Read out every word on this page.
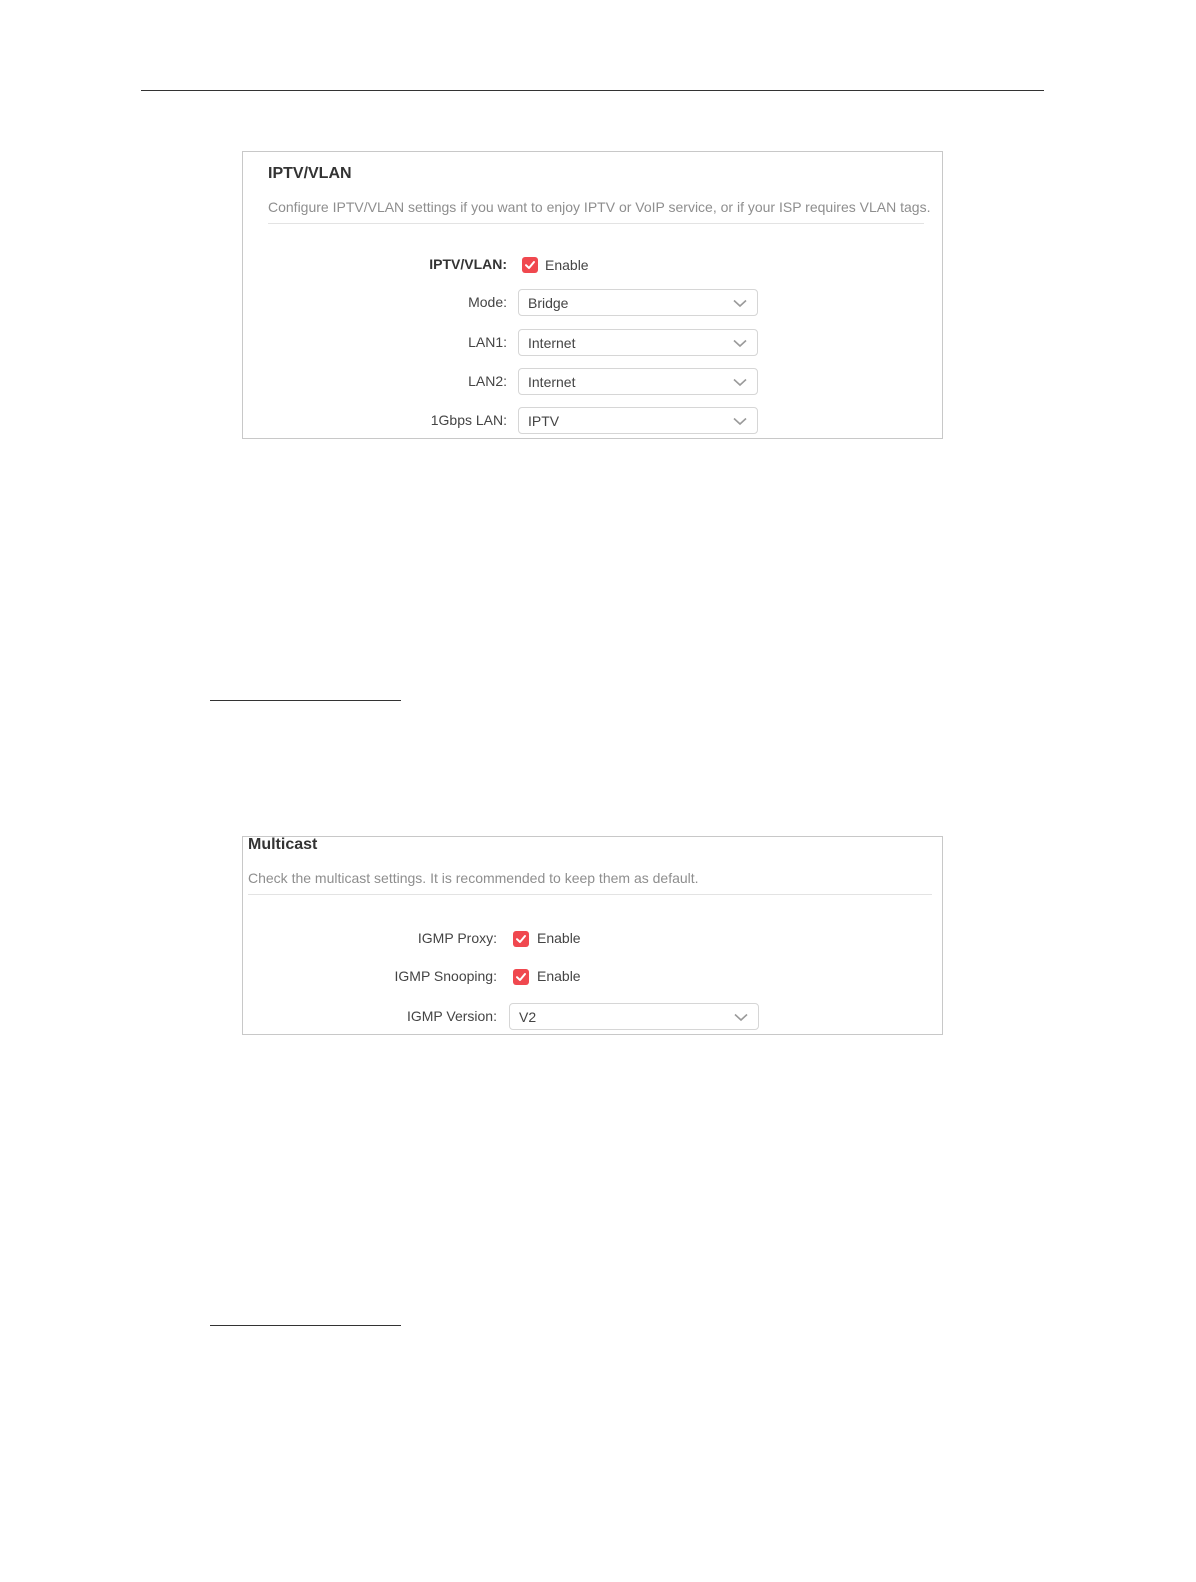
IPTV/VLAN
Configure IPTV/VLAN settings if you want to enjoy IPTV or VoIP service, or if your ISP requires VLAN tags.
IPTV/VLAN:	Enable
Mode: Bridge
LAN1: Internet
LAN2: Internet
1Gbps LAN: IPTV
Multicast
Check the multicast settings. It is recommended to keep them as default.
IGMP Proxy:	Enable
IGMP Snooping:	Enable
IGMP Version: V2
